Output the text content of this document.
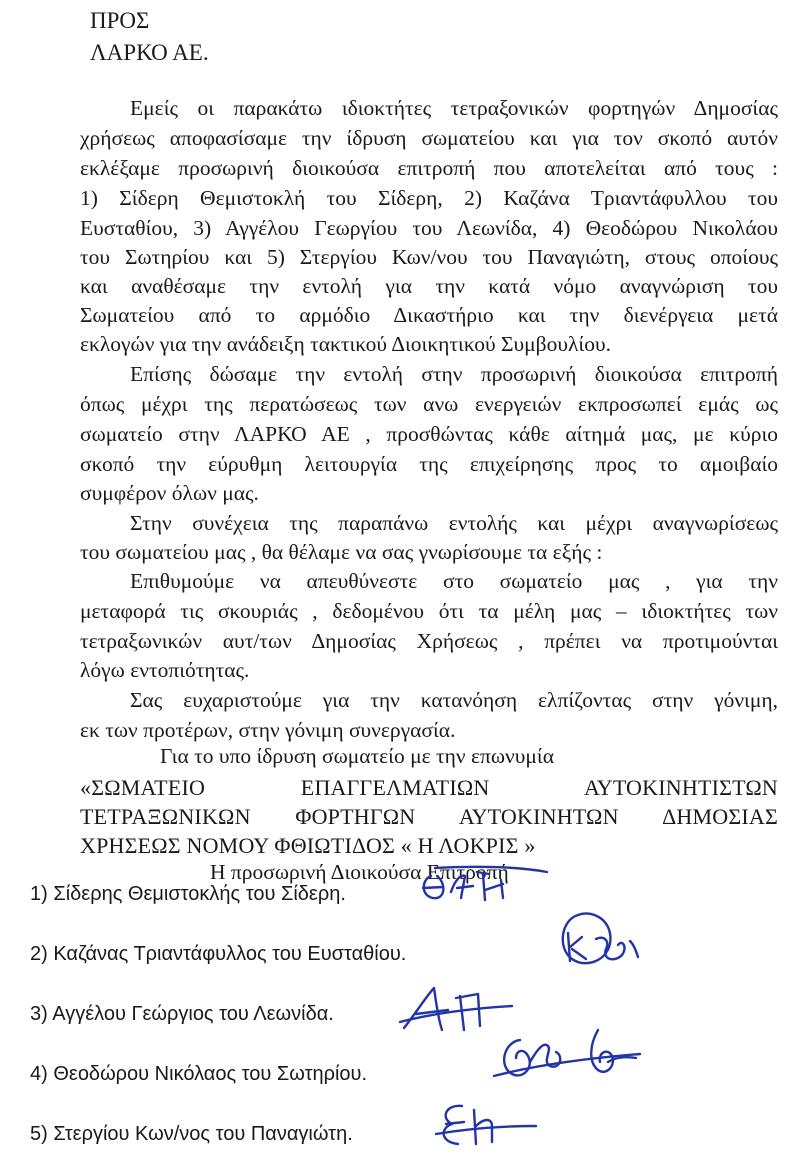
ΠΡΟΣ
ΛΑΡΚΟ ΑΕ.
Εμείς οι παρακάτω ιδιοκτήτες τετραξονικών φορτηγών Δημοσίας
χρήσεως αποφασίσαμε την ίδρυση σωματείου και για τον σκοπό αυτόν
εκλέξαμε προσωρινή διοικούσα επιτροπή που αποτελείται από τους :
1) Σίδερη Θεμιστοκλή του Σίδερη, 2) Καζάνα Τριαντάφυλλου του
Ευσταθίου, 3) Αγγέλου Γεωργίου του Λεωνίδα, 4) Θεοδώρου Νικολάου
του Σωτηρίου και 5) Στεργίου Κων/νου του Παναγιώτη, στους οποίους
και αναθέσαμε την εντολή για την κατά νόμο αναγνώριση του
Σωματείου από το αρμόδιο Δικαστήριο και την διενέργεια μετά
εκλογών για την ανάδειξη τακτικού Διοικητικού Συμβουλίου.
Επίσης δώσαμε την εντολή στην προσωρινή διοικούσα επιτροπή
όπως μέχρι της περατώσεως των ανω ενεργειών εκπροσωπεί εμάς ως
σωματείο στην ΛΑΡΚΟ ΑΕ , προσθώντας κάθε αίτημά μας, με κύριο
σκοπό την εύρυθμη λειτουργία της επιχείρησης προς το αμοιβαίο
συμφέρον όλων μας.
Στην συνέχεια της παραπάνω εντολής και μέχρι αναγνωρίσεως
του σωματείου μας , θα θέλαμε να σας γνωρίσουμε τα εξής :
Επιθυμούμε να απευθύνεστε στο σωματείο μας , για την
μεταφορά τις σκουριάς , δεδομένου ότι τα μέλη μας – ιδιοκτήτες των
τετραξωνικών αυτ/των Δημοσίας Χρήσεως , πρέπει να προτιμούνται
λόγω εντοπιότητας.
Σας ευχαριστούμε για την κατανόηση ελπίζοντας στην γόνιμη,
εκ των προτέρων, στην γόνιμη συνεργασία.
Για το υπο ίδρυση σωματείο με την επωνυμία
«ΣΩΜΑΤΕΙΟ ΕΠΑΓΓΕΛΜΑΤΙΩΝ ΑΥΤΟΚΙΝΗΤΙΣΤΩΝ
ΤΕΤΡΑΞΩΝΙΚΩΝ ΦΟΡΤΗΓΩΝ ΑΥΤΟΚΙΝΗΤΩΝ ΔΗΜΟΣΙΑΣ
ΧΡΗΣΕΩΣ ΝΟΜΟΥ ΦΘΙΩΤΙΔΟΣ « Η ΛΟΚΡΙΣ »
Η προσωρινή Διοικούσα Επιτροπή
1) Σίδερης Θεμιστοκλής του Σίδερη.
2) Καζάνας Τριαντάφυλλος του Ευσταθίου.
3) Αγγέλου Γεώργιος του Λεωνίδα.
4) Θεοδώρου Νικόλαος του Σωτηρίου.
5) Στεργίου Κων/νος του Παναγιώτη.
